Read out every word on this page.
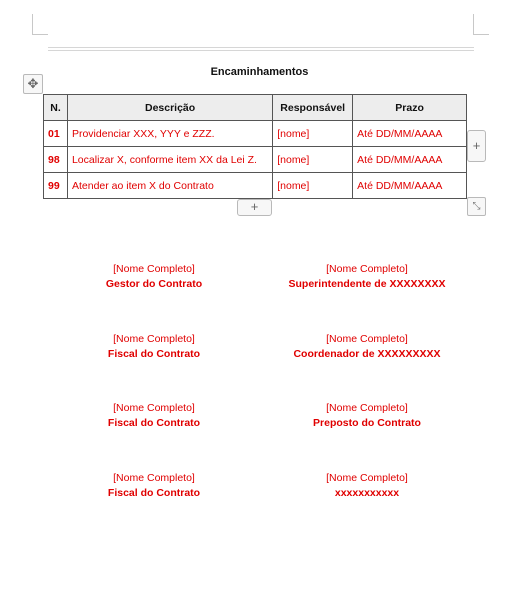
Encaminhamentos
✥
N.	Descrição	Responsável	Prazo
01	Providenciar XXX, YYY e ZZZ.	[nome]	Até DD/MM/AAAA
98	Localizar X, conforme item XX da Lei Z.	[nome]	Até DD/MM/AAAA
99	Atender ao item X do Contrato	[nome]	Até DD/MM/AAAA
+
+	⤡
[Nome Completo]
Gestor do Contrato
[Nome Completo]
Superintendente de XXXXXXXX
[Nome Completo]
Fiscal do Contrato
[Nome Completo]
Coordenador de XXXXXXXXX
[Nome Completo]
Fiscal do Contrato
[Nome Completo]
Preposto do Contrato
[Nome Completo]
Fiscal do Contrato
[Nome Completo]
xxxxxxxxxxx
